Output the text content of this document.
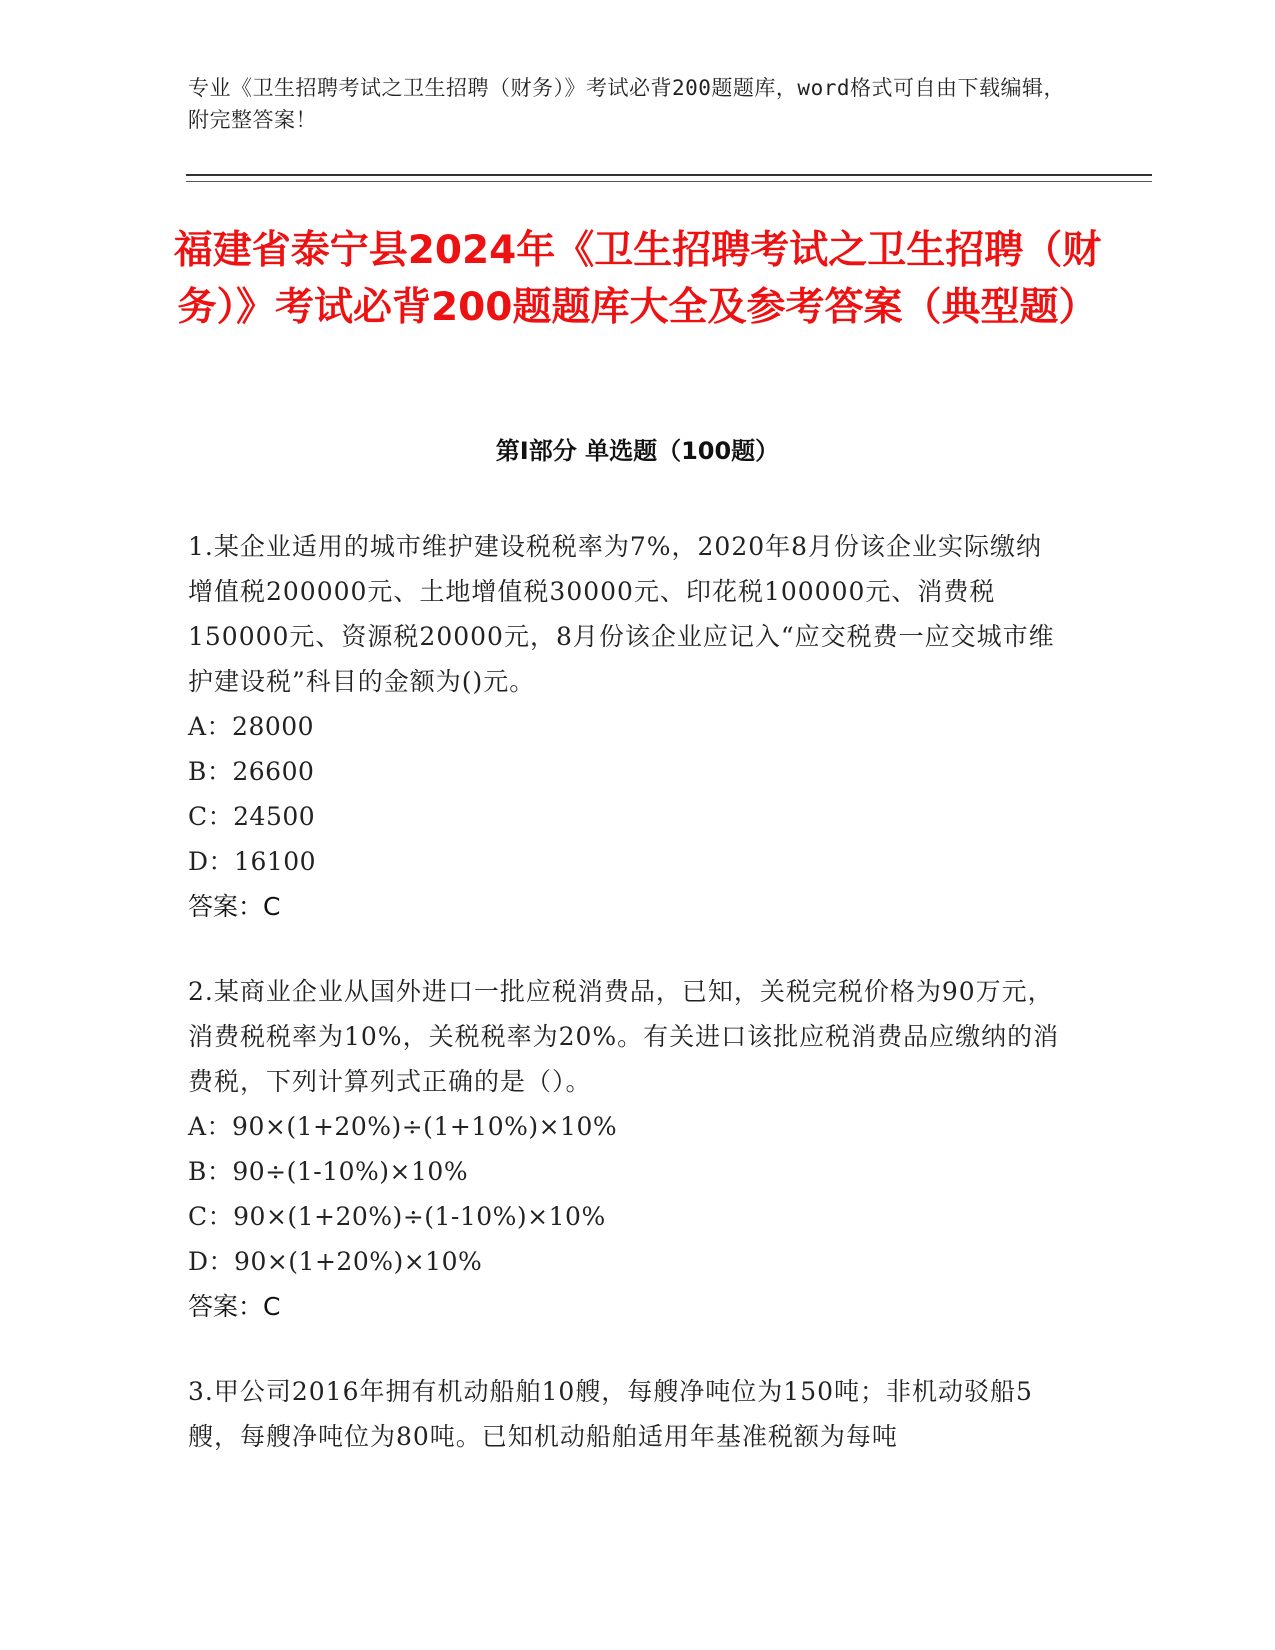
专业《卫生招聘考试之卫生招聘（财务）》考试必背200题题库，word格式可自由下载编辑，附完整答案！
福建省泰宁县2024年《卫生招聘考试之卫生招聘（财务）》考试必背200题题库大全及参考答案（典型题）
第I部分 单选题（100题）
1.某企业适用的城市维护建设税税率为7%，2020年8月份该企业实际缴纳增值税200000元、土地增值税30000元、印花税100000元、消费税150000元、资源税20000元，8月份该企业应记入“应交税费一应交城市维护建设税”科目的金额为()元。
A：28000
B：26600
C：24500
D：16100
答案：C
2.某商业企业从国外进口一批应税消费品，已知，关税完税价格为90万元，消费税税率为10%，关税税率为20%。有关进口该批应税消费品应缴纳的消费税，下列计算列式正确的是（）。
A：90×(1+20%)÷(1+10%)×10%
B：90÷(1-10%)×10%
C：90×(1+20%)÷(1-10%)×10%
D：90×(1+20%)×10%
答案：C
3.甲公司2016年拥有机动船舶10艘，每艘净吨位为150吨；非机动驳船5艘，每艘净吨位为80吨。已知机动船舶适用年基准税额为每吨
